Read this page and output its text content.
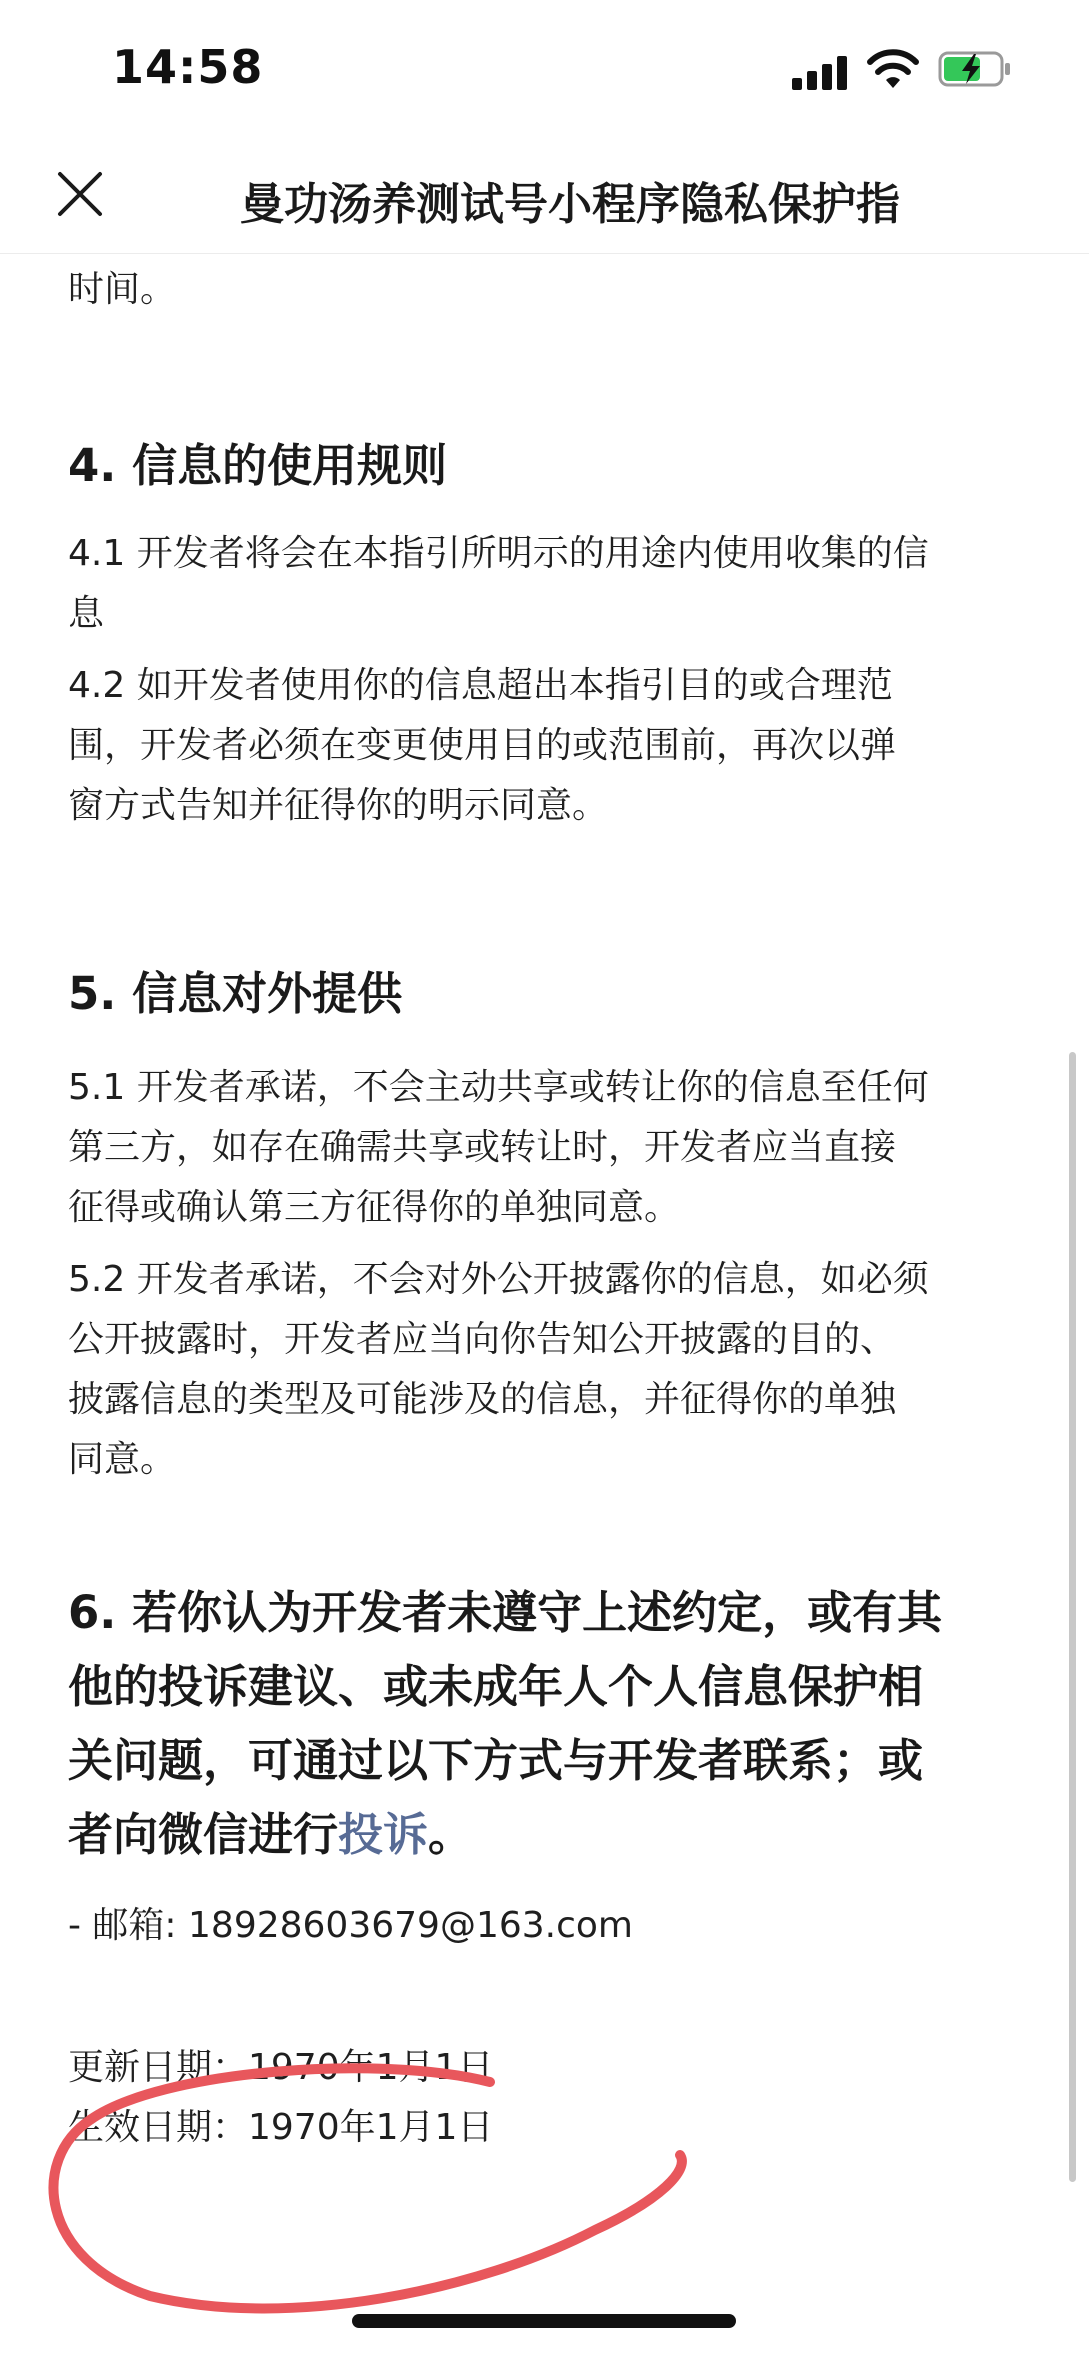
14:58
曼功汤养测试号小程序隐私保护指
时间。
4. 信息的使用规则
4.1 开发者将会在本指引所明示的用途内使用收集的信
息
4.2 如开发者使用你的信息超出本指引目的或合理范
围，开发者必须在变更使用目的或范围前，再次以弹
窗方式告知并征得你的明示同意。
5. 信息对外提供
5.1 开发者承诺，不会主动共享或转让你的信息至任何
第三方，如存在确需共享或转让时，开发者应当直接
征得或确认第三方征得你的单独同意。
5.2 开发者承诺，不会对外公开披露你的信息，如必须
公开披露时，开发者应当向你告知公开披露的目的、
披露信息的类型及可能涉及的信息，并征得你的单独
同意。
6. 若你认为开发者未遵守上述约定，或有其
他的投诉建议、或未成年人个人信息保护相
关问题，可通过以下方式与开发者联系；或
者向微信进行投诉。
- 邮箱: 18928603679@163.com
更新日期：1970年1月1日
生效日期：1970年1月1日
